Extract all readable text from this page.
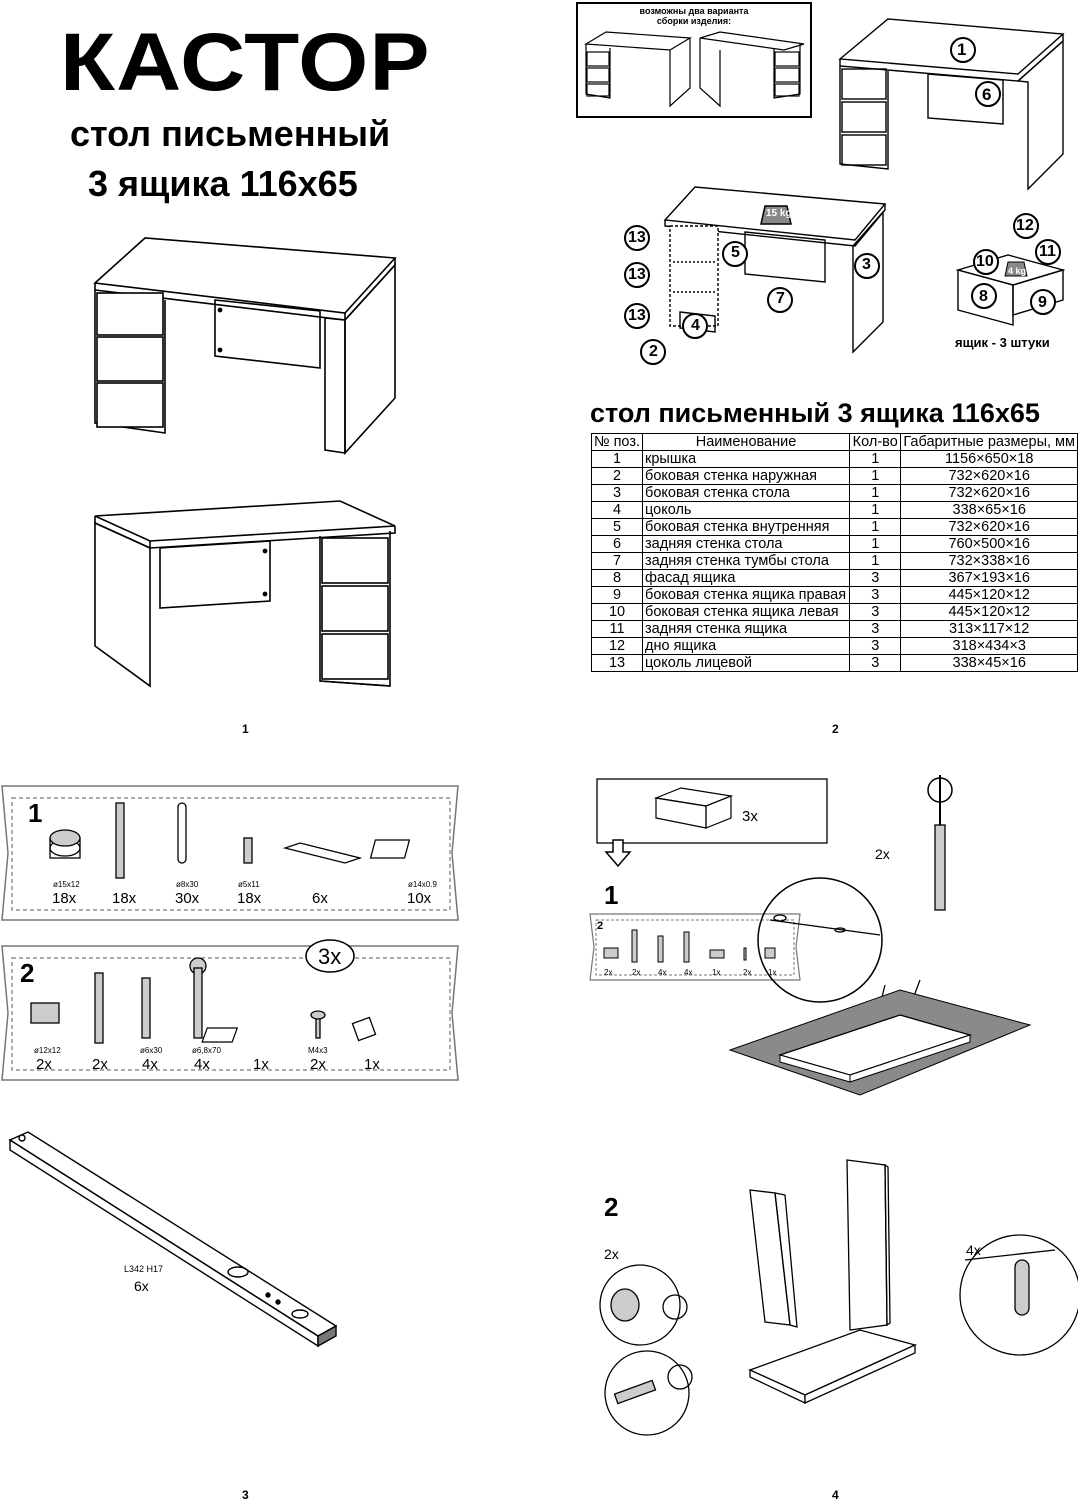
КАСТОР
стол письменный
3 ящика 116x65
1
возможны два варианта
сборки изделия:
1
6
15 kg
13
13
13
5
7
3
4
2
12
11
10
8	9
4 kg
ящик - 3 штуки
стол письменный 3 ящика 116x65
№ поз.	Наименование	Кол-во	Габаритные размеры, мм
1	крышка	1	1156×650×18
2	боковая стенка наружная	1	732×620×16
3	боковая стенка стола	1	732×620×16
4	цоколь	1	338×65×16
5	боковая стенка внутренняя	1	732×620×16
6	задняя стенка стола	1	760×500×16
7	задняя стенка тумбы стола	1	732×338×16
8	фасад ящика	3	367×193×16
9	боковая стенка ящика правая	3	445×120×12
10	боковая стенка ящика левая	3	445×120×12
11	задняя стенка ящика	3	313×117×12
12	дно ящика	3	318×434×3
13	цоколь лицевой	3	338×45×16
2
1
ø15x12
18x 18x
ø8x30
30x
ø5x11
18x	6x
ø14x0.9
10x
3x
2
ø12x12
2x	2x
ø6x30
4x
ø6,8x70
4x	1x
M4x3
2x	1x
L342 H17
6x
3
3x
1
2
2x 2x 4x 4x 1x	2x 1x
2x
2
2x	4x
4
